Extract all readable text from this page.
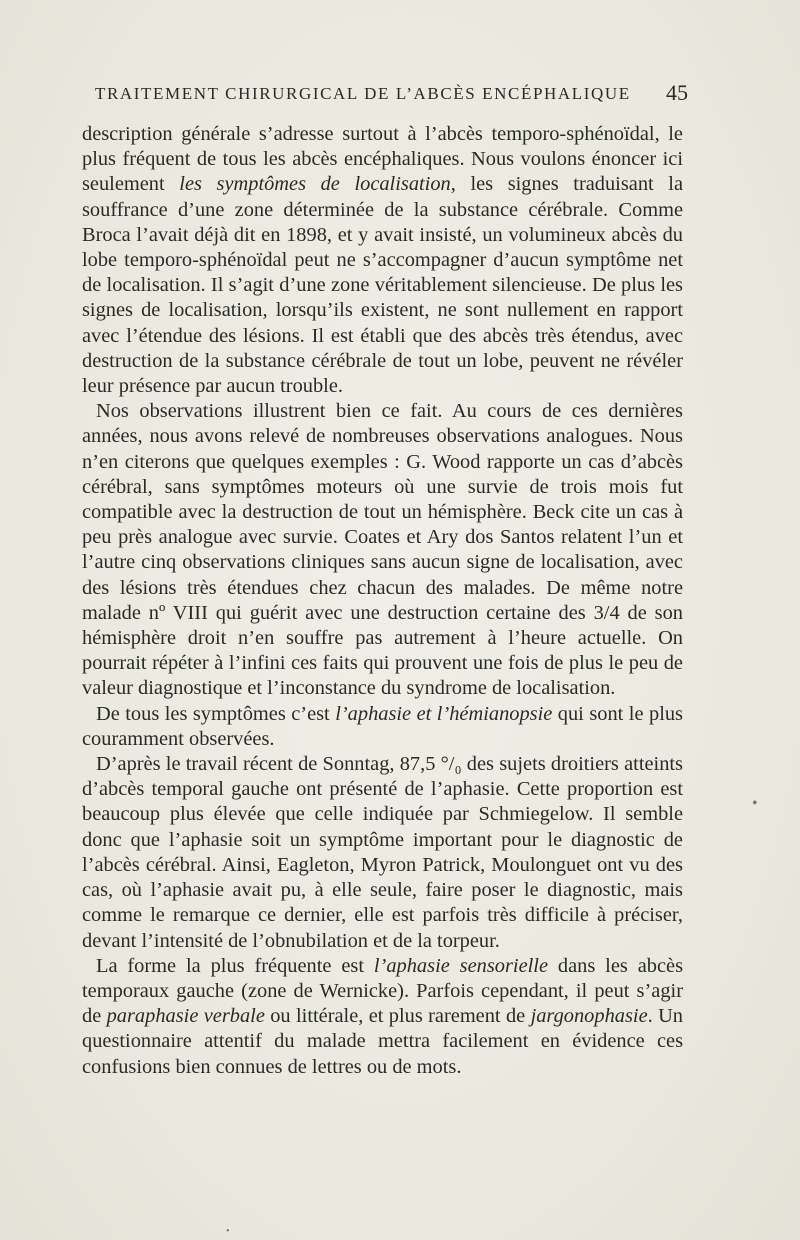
TRAITEMENT CHIRURGICAL DE L’ABCÈS ENCÉPHALIQUE 45

description générale s’adresse surtout à l’abcès temporo-sphénoïdal, le plus fréquent de tous les abcès encéphaliques. Nous voulons énoncer ici seulement les symptômes de localisation, les signes traduisant la souffrance d’une zone déterminée de la substance cérébrale. Comme Broca l’avait déjà dit en 1898, et y avait insisté, un volumineux abcès du lobe temporo-sphénoïdal peut ne s’accompagner d’aucun symptôme net de localisation. Il s’agit d’une zone véritablement silencieuse. De plus les signes de localisation, lorsqu’ils existent, ne sont nullement en rapport avec l’étendue des lésions. Il est établi que des abcès très étendus, avec destruction de la substance cérébrale de tout un lobe, peuvent ne révéler leur présence par aucun trouble.

Nos observations illustrent bien ce fait. Au cours de ces dernières années, nous avons relevé de nombreuses observations analogues. Nous n’en citerons que quelques exemples : G. Wood rapporte un cas d’abcès cérébral, sans symptômes moteurs où une survie de trois mois fut compatible avec la destruction de tout un hémisphère. Beck cite un cas à peu près analogue avec survie. Coates et Ary dos Santos relatent l’un et l’autre cinq observations cliniques sans aucun signe de localisation, avec des lésions très étendues chez chacun des malades. De même notre malade nº VIII qui guérit avec une destruction certaine des 3/4 de son hémisphère droit n’en souffre pas autrement à l’heure actuelle. On pourrait répéter à l’infini ces faits qui prouvent une fois de plus le peu de valeur diagnostique et l’inconstance du syndrome de localisation.

De tous les symptômes c’est l’aphasie et l’hémianopsie qui sont le plus couramment observées.

D’après le travail récent de Sonntag, 87,5 °/₀ des sujets droitiers atteints d’abcès temporal gauche ont présenté de l’aphasie. Cette proportion est beaucoup plus élevée que celle indiquée par Schmiegelow. Il semble donc que l’aphasie soit un symptôme important pour le diagnostic de l’abcès cérébral. Ainsi, Eagleton, Myron Patrick, Moulonguet ont vu des cas, où l’aphasie avait pu, à elle seule, faire poser le diagnostic, mais comme le remarque ce dernier, elle est parfois très difficile à préciser, devant l’intensité de l’obnubilation et de la torpeur.

La forme la plus fréquente est l’aphasie sensorielle dans les abcès temporaux gauche (zone de Wernicke). Parfois cependant, il peut s’agir de paraphasie verbale ou littérale, et plus rarement de jargonophasie. Un questionnaire attentif du malade mettra facilement en évidence ces confusions bien connues de lettres ou de mots.

•
•
